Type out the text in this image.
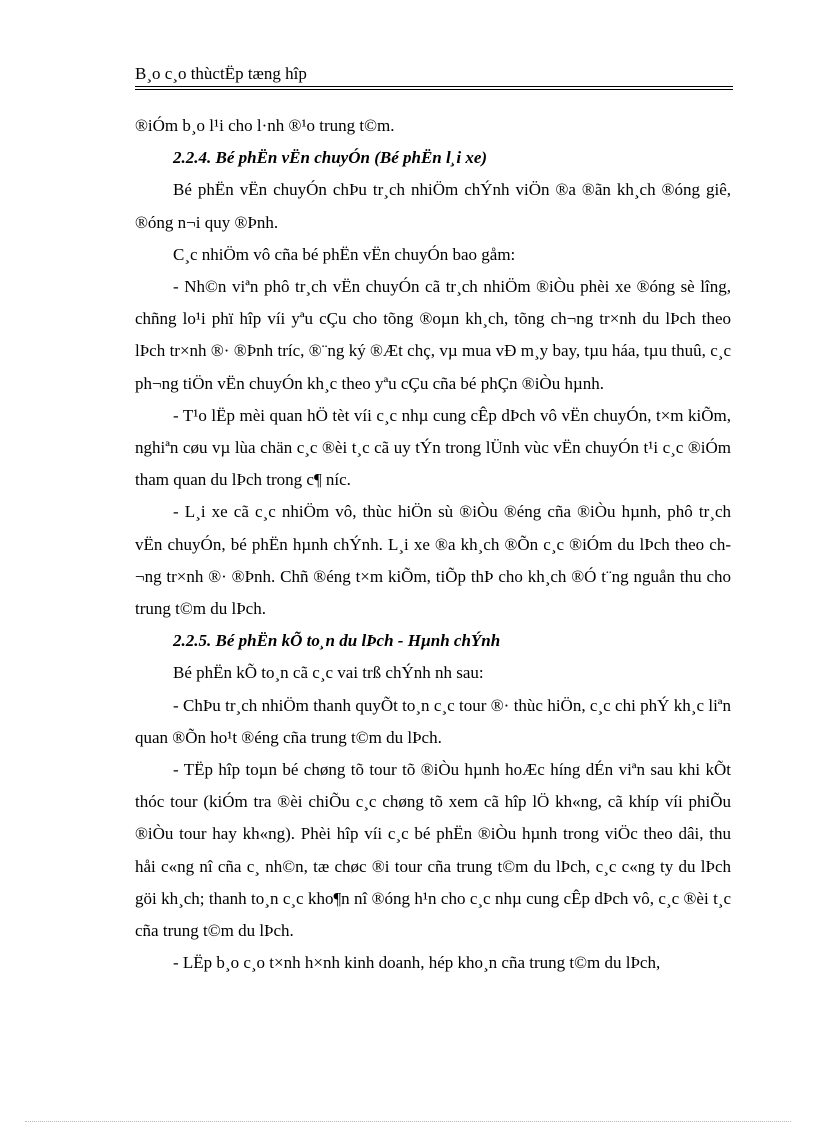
B¸o c¸o thùctËp tæng hîp

®iÓm b¸o l¹i cho l·nh ®¹o trung t©m.

2.2.4. Bé phËn vËn chuyÓn (Bé phËn l¸i xe)

Bé phËn vËn chuyÓn chÞu tr¸ch nhiÖm chÝnh viÖn ®a ®ãn kh¸ch ®óng giê, ®óng n¬i quy ®Þnh.

C¸c nhiÖm vô cña bé phËn vËn chuyÓn bao gåm:

- Nh©n viªn phô tr¸ch vËn chuyÓn cã tr¸ch nhiÖm ®iÒu phèi xe ®óng sè lîng, chñng lo¹i phï hîp víi yªu cÇu cho tõng ®oµn kh¸ch, tõng ch¬ng tr×nh du lÞch theo lÞch tr×nh ®· ®Þnh tríc, ®¨ng ký ®Æt chç, vµ mua vÐ m¸y bay, tµu háa, tµu thuû, c¸c ph¬ng tiÖn vËn chuyÓn kh¸c theo yªu cÇu cña bé phÇn ®iÒu hµnh.

- T¹o lËp mèi quan hÖ tèt víi c¸c nhµ cung cÊp dÞch vô vËn chuyÓn, t×m kiÕm, nghiªn cøu vµ lùa chän c¸c ®èi t¸c cã uy tÝn trong lÜnh vùc vËn chuyÓn t¹i c¸c ®iÓm tham quan du lÞch trong c¶ níc.

- L¸i xe cã c¸c nhiÖm vô, thùc hiÖn sù ®iÒu ®éng cña ®iÒu hµnh, phô tr¸ch vËn chuyÓn, bé phËn hµnh chÝnh. L¸i xe ®a kh¸ch ®Õn c¸c ®iÓm du lÞch theo ch¬ng tr×nh ®· ®Þnh. Chñ ®éng t×m kiÕm, tiÕp thÞ cho kh¸ch ®Ó t¨ng nguån thu cho trung t©m du lÞch.

2.2.5. Bé phËn kÕ to¸n du lÞch - Hµnh chÝnh

Bé phËn kÕ to¸n cã c¸c vai trß chÝnh nh sau:

- ChÞu tr¸ch nhiÖm thanh quyÕt to¸n c¸c tour ®· thùc hiÖn, c¸c chi phÝ kh¸c liªn quan ®Õn ho¹t ®éng cña trung t©m du lÞch.

- TËp hîp toµn bé chøng tõ tour tõ ®iÒu hµnh hoÆc híng dÉn viªn sau khi kÕt thóc tour (kiÓm tra ®èi chiÕu c¸c chøng tõ xem cã hîp lÖ kh«ng, cã khíp víi phiÕu ®iÒu tour hay kh«ng). Phèi hîp víi c¸c bé phËn ®iÒu hµnh trong viÖc theo dâi, thu håi c«ng nî cña c¸ nh©n, tæ chøc ®i tour cña trung t©m du lÞch, c¸c c«ng ty du lÞch göi kh¸ch; thanh to¸n c¸c kho¶n nî ®óng h¹n cho c¸c nhµ cung cÊp dÞch vô, c¸c ®èi t¸c cña trung t©m du lÞch.

- LËp b¸o c¸o t×nh h×nh kinh doanh, hép kho¸n cña trung t©m du lÞch,
